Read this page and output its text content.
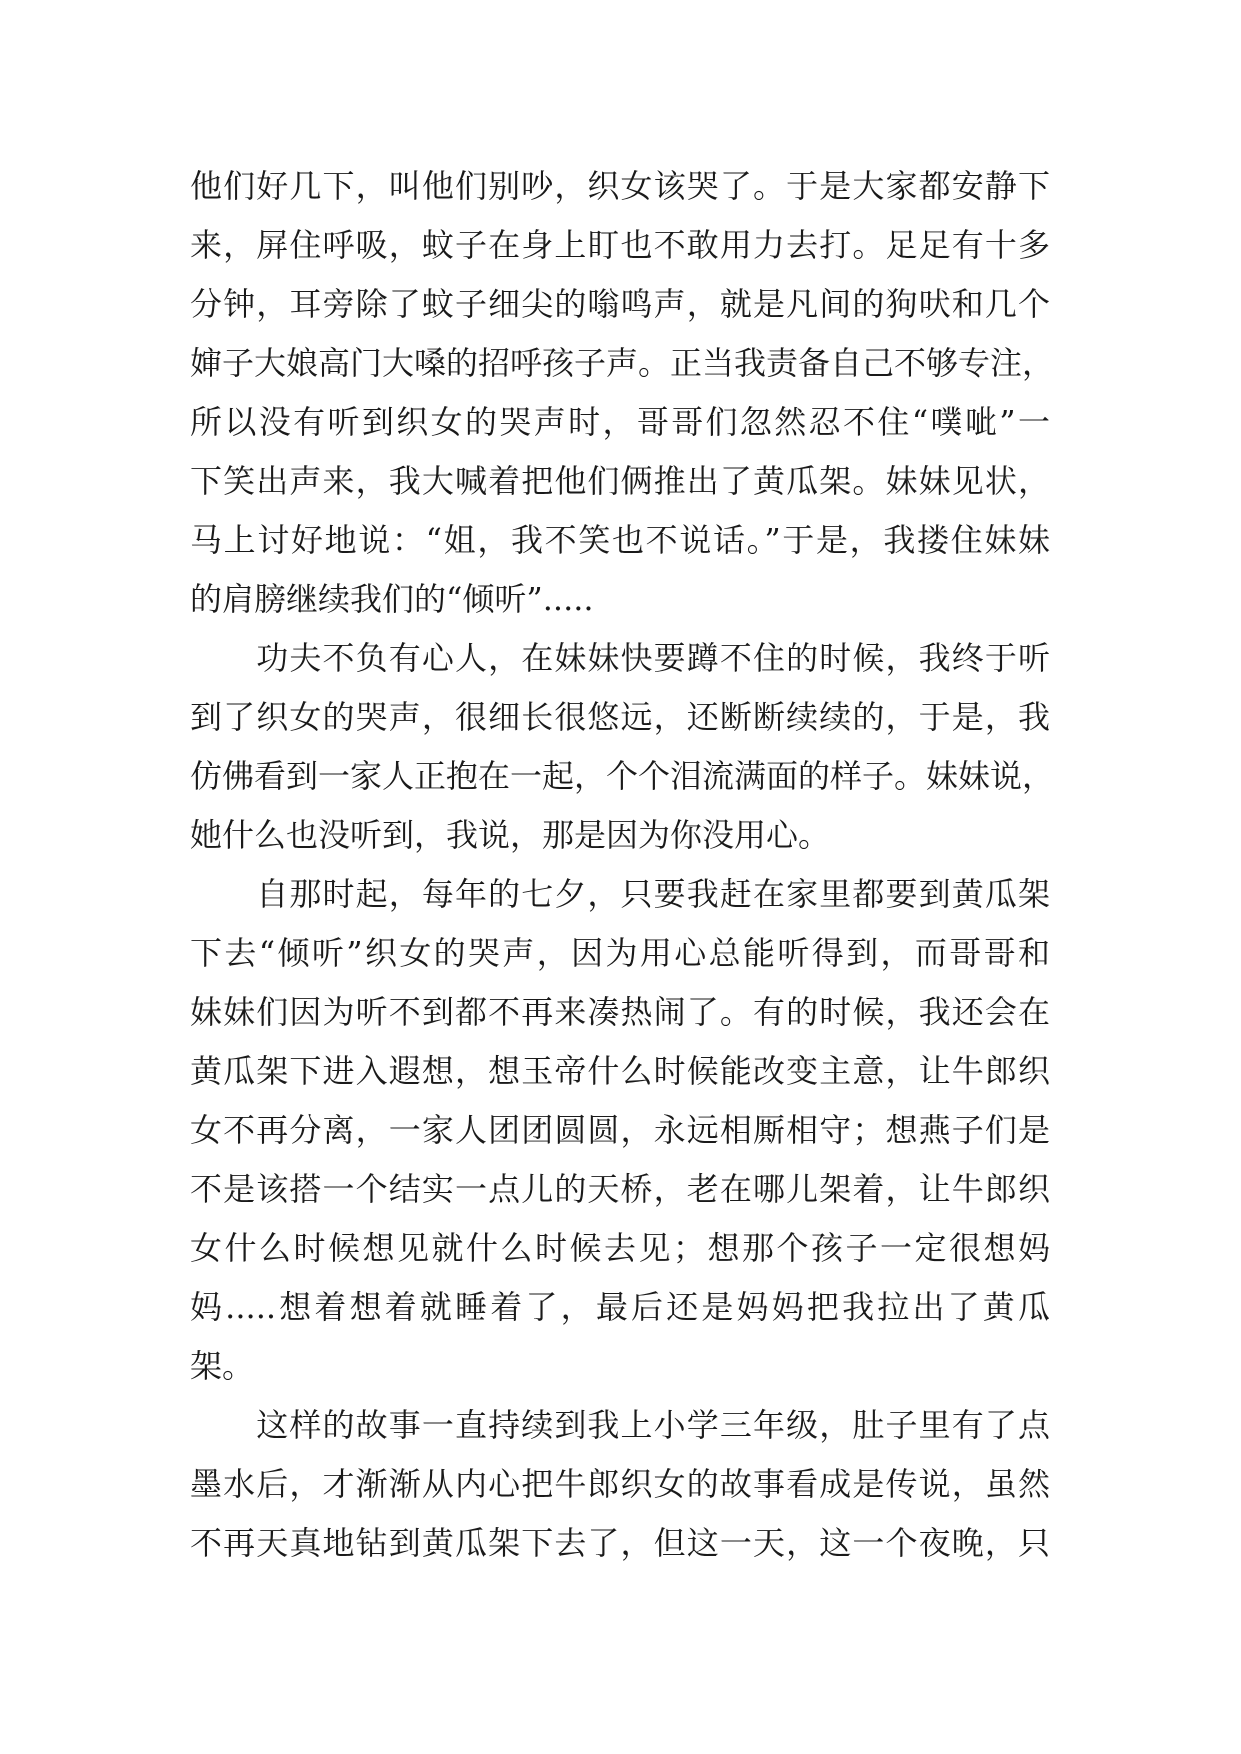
他们好几下，叫他们别吵，织女该哭了。于是大家都安静下
来，屏住呼吸，蚊子在身上盯也不敢用力去打。足足有十多
分钟，耳旁除了蚊子细尖的嗡鸣声，就是凡间的狗吠和几个
婶子大娘高门大嗓的招呼孩子声。正当我责备自己不够专注，
所以没有听到织女的哭声时，哥哥们忽然忍不住“噗呲”一
下笑出声来，我大喊着把他们俩推出了黄瓜架。妹妹见状，
马上讨好地说：“姐，我不笑也不说话。”于是，我搂住妹妹
的肩膀继续我们的“倾听”.....
　　功夫不负有心人，在妹妹快要蹲不住的时候，我终于听
到了织女的哭声，很细长很悠远，还断断续续的，于是，我
仿佛看到一家人正抱在一起，个个泪流满面的样子。妹妹说，
她什么也没听到，我说，那是因为你没用心。
　　自那时起，每年的七夕，只要我赶在家里都要到黄瓜架
下去“倾听”织女的哭声，因为用心总能听得到，而哥哥和
妹妹们因为听不到都不再来凑热闹了。有的时候，我还会在
黄瓜架下进入遐想，想玉帝什么时候能改变主意，让牛郎织
女不再分离，一家人团团圆圆，永远相厮相守；想燕子们是
不是该搭一个结实一点儿的天桥，老在哪儿架着，让牛郎织
女什么时候想见就什么时候去见；想那个孩子一定很想妈
妈.....想着想着就睡着了，最后还是妈妈把我拉出了黄瓜
架。
　　这样的故事一直持续到我上小学三年级，肚子里有了点
墨水后，才渐渐从内心把牛郎织女的故事看成是传说，虽然
不再天真地钻到黄瓜架下去了，但这一天，这一个夜晚，只
